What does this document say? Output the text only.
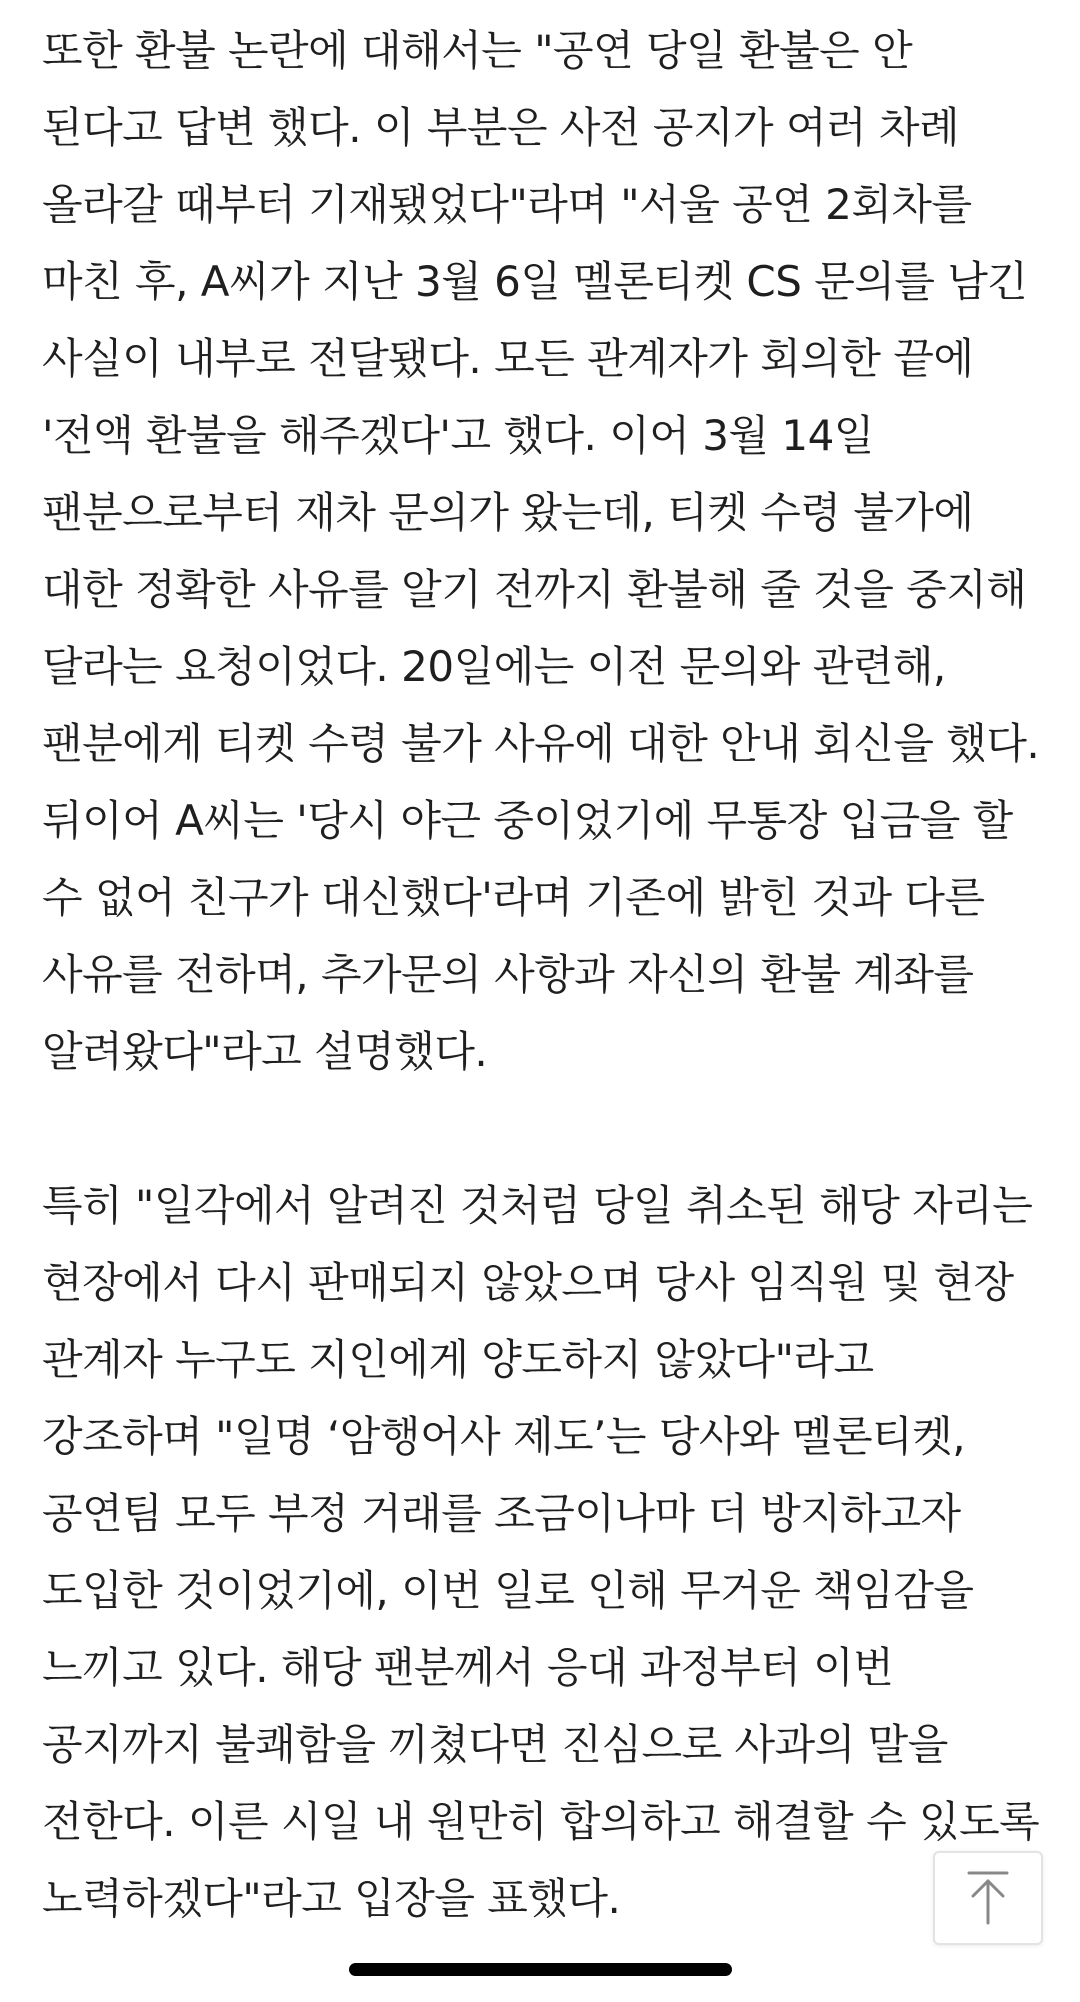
또한 환불 논란에 대해서는 "공연 당일 환불은 안 된다고 답변 했다. 이 부분은 사전 공지가 여러 차례 올라갈 때부터 기재됐었다"라며 "서울 공연 2회차를 마친 후, A씨가 지난 3월 6일 멜론티켓 CS 문의를 남긴 사실이 내부로 전달됐다. 모든 관계자가 회의한 끝에 '전액 환불을 해주겠다'고 했다. 이어 3월 14일 팬분으로부터 재차 문의가 왔는데, 티켓 수령 불가에 대한 정확한 사유를 알기 전까지 환불해 줄 것을 중지해 달라는 요청이었다. 20일에는 이전 문의와 관련해, 팬분에게 티켓 수령 불가 사유에 대한 안내 회신을 했다. 뒤이어 A씨는 '당시 야근 중이었기에 무통장 입금을 할 수 없어 친구가 대신했다'라며 기존에 밝힌 것과 다른 사유를 전하며, 추가문의 사항과 자신의 환불 계좌를 알려왔다"라고 설명했다.

특히 "일각에서 알려진 것처럼 당일 취소된 해당 자리는 현장에서 다시 판매되지 않았으며 당사 임직원 및 현장 관계자 누구도 지인에게 양도하지 않았다"라고 강조하며 "일명 ‘암행어사 제도’는 당사와 멜론티켓, 공연팀 모두 부정 거래를 조금이나마 더 방지하고자 도입한 것이었기에, 이번 일로 인해 무거운 책임감을 느끼고 있다. 해당 팬분께서 응대 과정부터 이번 공지까지 불쾌함을 끼쳤다면 진심으로 사과의 말을 전한다. 이른 시일 내 원만히 합의하고 해결할 수 있도록 노력하겠다"라고 입장을 표했다.
